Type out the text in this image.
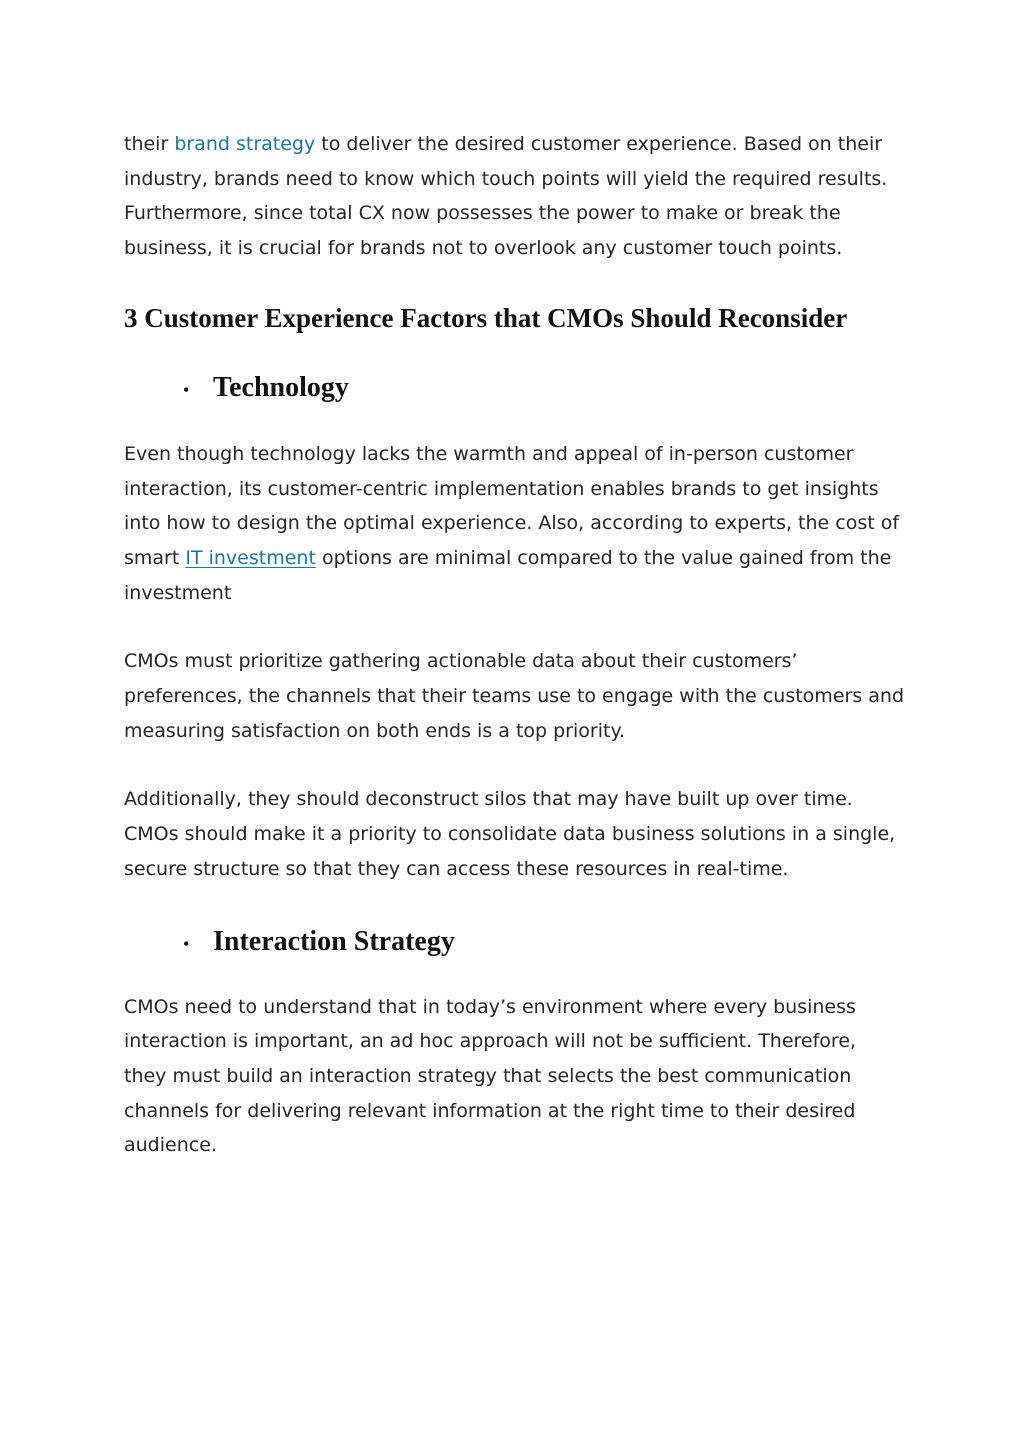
their brand strategy to deliver the desired customer experience. Based on their industry, brands need to know which touch points will yield the required results. Furthermore, since total CX now possesses the power to make or break the business, it is crucial for brands not to overlook any customer touch points.

3 Customer Experience Factors that CMOs Should Reconsider
• Technology

Even though technology lacks the warmth and appeal of in-person customer interaction, its customer-centric implementation enables brands to get insights into how to design the optimal experience. Also, according to experts, the cost of smart IT investment options are minimal compared to the value gained from the investment

CMOs must prioritize gathering actionable data about their customers’ preferences, the channels that their teams use to engage with the customers and measuring satisfaction on both ends is a top priority.

Additionally, they should deconstruct silos that may have built up over time. CMOs should make it a priority to consolidate data business solutions in a single, secure structure so that they can access these resources in real-time.

• Interaction Strategy

CMOs need to understand that in today’s environment where every business interaction is important, an ad hoc approach will not be sufficient. Therefore, they must build an interaction strategy that selects the best communication channels for delivering relevant information at the right time to their desired audience.
